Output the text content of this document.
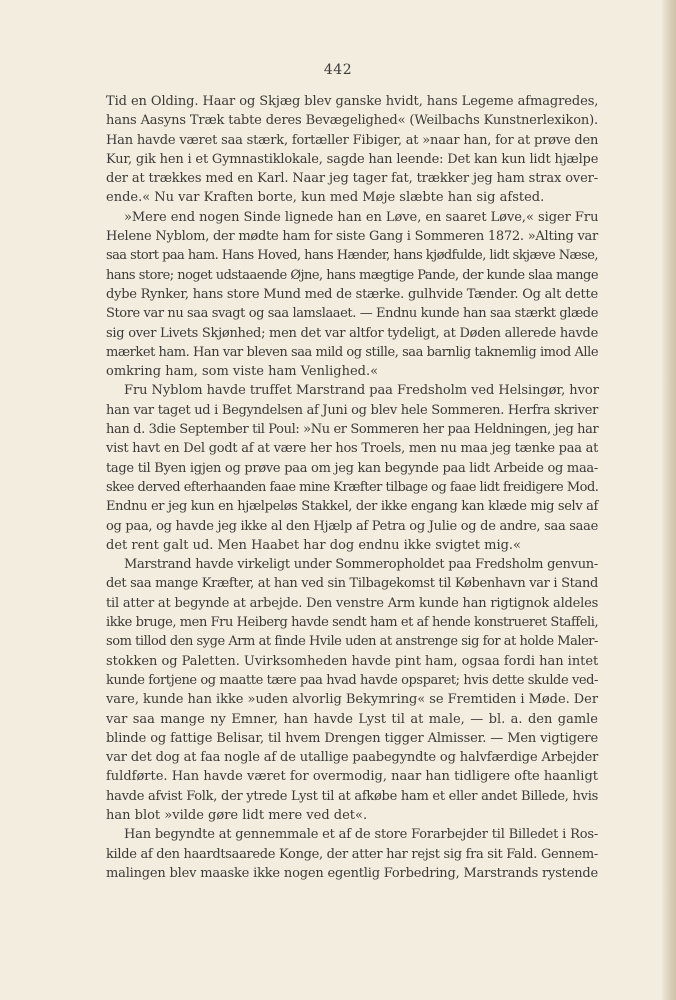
442
Tid en Olding. Haar og Skjæg blev ganske hvidt, hans Legeme afmagredes,
hans Aasyns Træk tabte deres Bevægelighed« (Weilbachs Kunstnerlexikon).
Han havde været saa stærk, fortæller Fibiger, at »naar han, for at prøve den
Kur, gik hen i et Gymnastiklokale, sagde han leende: Det kan kun lidt hjælpe
der at trækkes med en Karl. Naar jeg tager fat, trækker jeg ham strax over-
ende.« Nu var Kraften borte, kun med Møje slæbte han sig afsted.
»Mere end nogen Sinde lignede han en Løve, en saaret Løve,« siger Fru
Helene Nyblom, der mødte ham for siste Gang i Sommeren 1872. »Alting var
saa stort paa ham. Hans Hoved, hans Hænder, hans kjødfulde, lidt skjæve Næse,
hans store; noget udstaaende Øjne, hans mægtige Pande, der kunde slaa mange
dybe Rynker, hans store Mund med de stærke. gulhvide Tænder. Og alt dette
Store var nu saa svagt og saa lamslaaet. — Endnu kunde han saa stærkt glæde
sig over Livets Skjønhed; men det var altfor tydeligt, at Døden allerede havde
mærket ham. Han var bleven saa mild og stille, saa barnlig taknemlig imod Alle
omkring ham, som viste ham Venlighed.«
Fru Nyblom havde truffet Marstrand paa Fredsholm ved Helsingør, hvor
han var taget ud i Begyndelsen af Juni og blev hele Sommeren. Herfra skriver
han d. 3die September til Poul: »Nu er Sommeren her paa Heldningen, jeg har
vist havt en Del godt af at være her hos Troels, men nu maa jeg tænke paa at
tage til Byen igjen og prøve paa om jeg kan begynde paa lidt Arbeide og maa-
skee derved efterhaanden faae mine Kræfter tilbage og faae lidt freidigere Mod.
Endnu er jeg kun en hjælpeløs Stakkel, der ikke engang kan klæde mig selv af
og paa, og havde jeg ikke al den Hjælp af Petra og Julie og de andre, saa saae
det rent galt ud. Men Haabet har dog endnu ikke svigtet mig.«
Marstrand havde virkeligt under Sommeropholdet paa Fredsholm genvun-
det saa mange Kræfter, at han ved sin Tilbagekomst til København var i Stand
til atter at begynde at arbejde. Den venstre Arm kunde han rigtignok aldeles
ikke bruge, men Fru Heiberg havde sendt ham et af hende konstrueret Staffeli,
som tillod den syge Arm at finde Hvile uden at anstrenge sig for at holde Maler-
stokken og Paletten. Uvirksomheden havde pint ham, ogsaa fordi han intet
kunde fortjene og maatte tære paa hvad havde opsparet; hvis dette skulde ved-
vare, kunde han ikke »uden alvorlig Bekymring« se Fremtiden i Møde. Der
var saa mange ny Emner, han havde Lyst til at male, — bl. a. den gamle
blinde og fattige Belisar, til hvem Drengen tigger Almisser. — Men vigtigere
var det dog at faa nogle af de utallige paabegyndte og halvfærdige Arbejder
fuldførte. Han havde været for overmodig, naar han tidligere ofte haanligt
havde afvist Folk, der ytrede Lyst til at afkøbe ham et eller andet Billede, hvis
han blot »vilde gøre lidt mere ved det«.
Han begyndte at gennemmale et af de store Forarbejder til Billedet i Ros-
kilde af den haardtsaarede Konge, der atter har rejst sig fra sit Fald. Gennem-
malingen blev maaske ikke nogen egentlig Forbedring, Marstrands rystende
